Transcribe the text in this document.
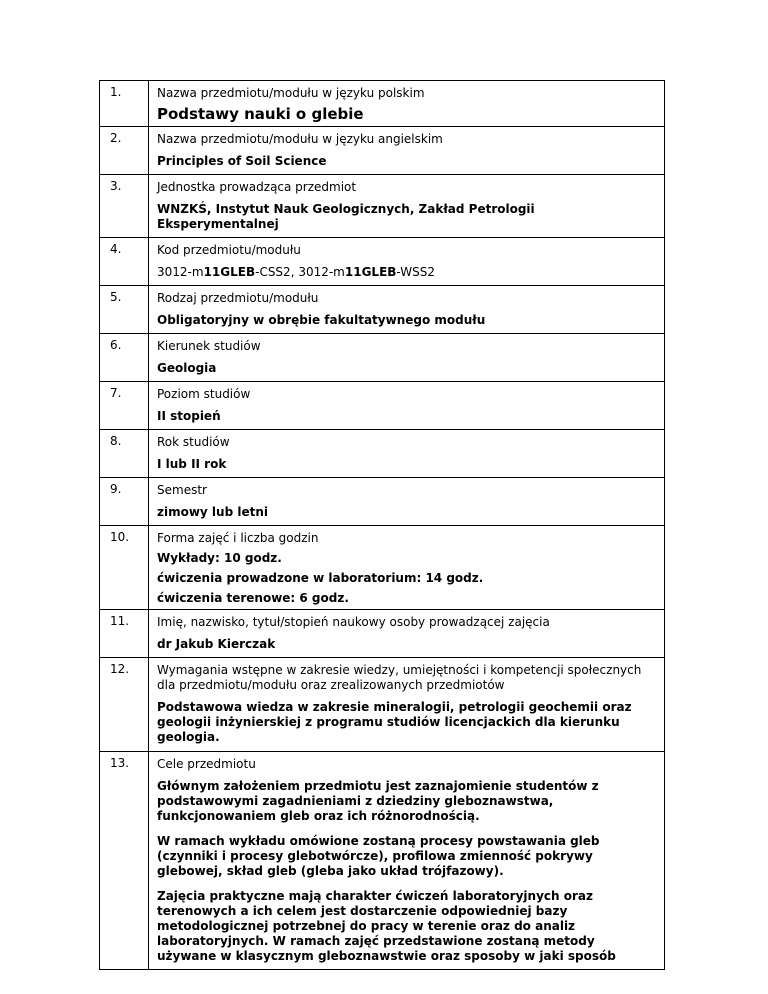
1.	Nazwa przedmiotu/modułu w języku polskim
Podstawy nauki o glebie

2.	Nazwa przedmiotu/modułu w języku angielskim
Principles of Soil Science

3.	Jednostka prowadząca przedmiot
WNZKŚ, Instytut Nauk Geologicznych, Zakład Petrologii Eksperymentalnej

4.	Kod przedmiotu/modułu
3012-m11GLEB-CSS2, 3012-m11GLEB-WSS2

5.	Rodzaj przedmiotu/modułu
Obligatoryjny w obrębie fakultatywnego modułu

6.	Kierunek studiów
Geologia

7.	Poziom studiów
II stopień

8.	Rok studiów
I lub II rok

9.	Semestr
zimowy lub letni

10.	Forma zajęć i liczba godzin
Wykłady: 10 godz.
ćwiczenia prowadzone w laboratorium: 14 godz.
ćwiczenia terenowe: 6 godz.

11.	Imię, nazwisko, tytuł/stopień naukowy osoby prowadzącej zajęcia
dr Jakub Kierczak

12.	Wymagania wstępne w zakresie wiedzy, umiejętności i kompetencji społecznych dla przedmiotu/modułu oraz zrealizowanych przedmiotów
Podstawowa wiedza w zakresie mineralogii, petrologii geochemii oraz geologii inżynierskiej z programu studiów licencjackich dla kierunku geologia.

13.	Cele przedmiotu
Głównym założeniem przedmiotu jest zaznajomienie studentów z podstawowymi zagadnieniami z dziedziny gleboznawstwa, funkcjonowaniem gleb oraz ich różnorodnością.
W ramach wykładu omówione zostaną procesy powstawania gleb (czynniki i procesy glebotwórcze), profilowa zmienność pokrywy glebowej, skład gleb (gleba jako układ trójfazowy).
Zajęcia praktyczne mają charakter ćwiczeń laboratoryjnych oraz terenowych a ich celem jest dostarczenie odpowiedniej bazy metodologicznej potrzebnej do pracy w terenie oraz do analiz laboratoryjnych. W ramach zajęć przedstawione zostaną metody używane w klasycznym gleboznawstwie oraz sposoby w jaki sposób
